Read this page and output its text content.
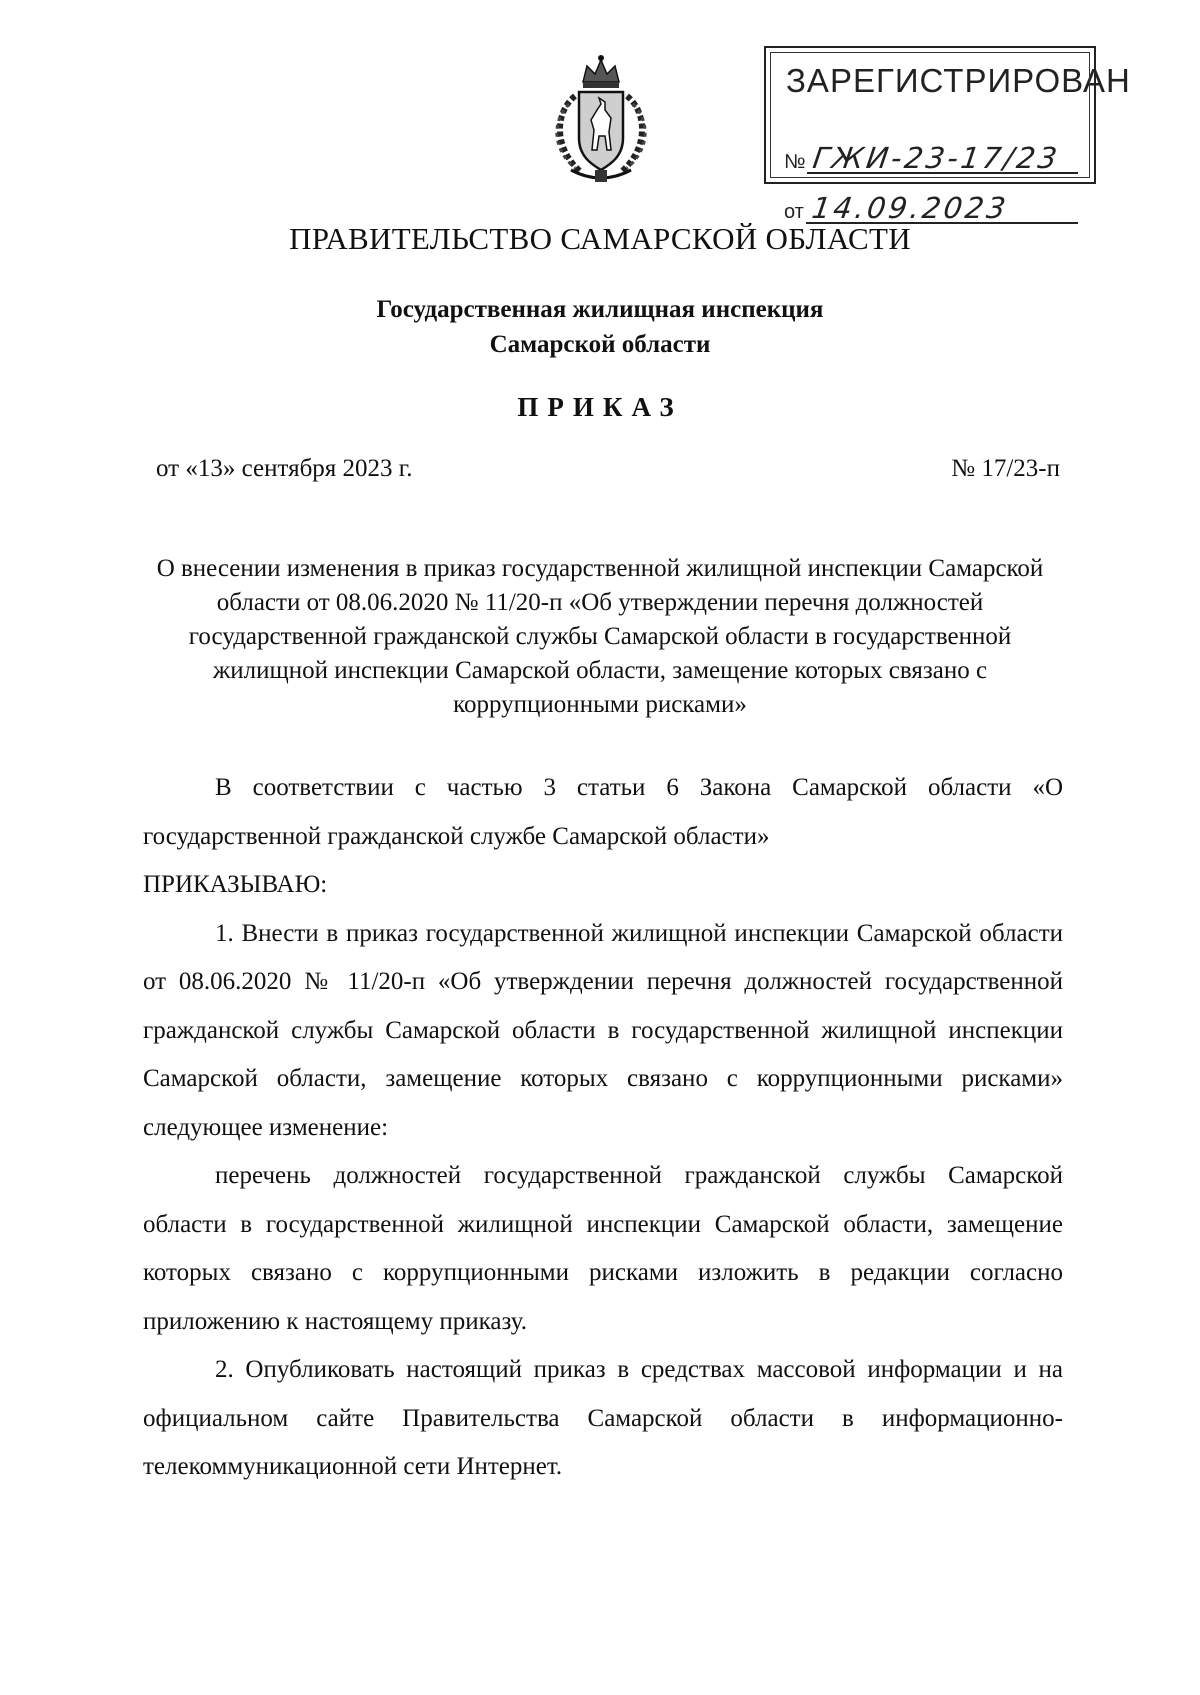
ЗАРЕГИСТРИРОВАН
№ ГЖИ-23-17/23
от 14.09.2023
ПРАВИТЕЛЬСТВО САМАРСКОЙ ОБЛАСТИ
Государственная жилищная инспекция
Самарской области
ПРИКАЗ
от «13» сентября 2023 г.	№ 17/23-п
О внесении изменения в приказ государственной жилищной инспекции Самарской области от 08.06.2020 № 11/20-п «Об утверждении перечня должностей государственной гражданской службы Самарской области в государственной жилищной инспекции Самарской области, замещение которых связано с коррупционными рисками»

В соответствии с частью 3 статьи 6 Закона Самарской области «О государственной гражданской службе Самарской области»

ПРИКАЗЫВАЮ:

1. Внести в приказ государственной жилищной инспекции Самарской области от 08.06.2020 № 11/20-п «Об утверждении перечня должностей государственной гражданской службы Самарской области в государственной жилищной инспекции Самарской области, замещение которых связано с коррупционными рисками» следующее изменение:

перечень должностей государственной гражданской службы Самарской области в государственной жилищной инспекции Самарской области, замещение которых связано с коррупционными рисками изложить в редакции согласно приложению к настоящему приказу.

2. Опубликовать настоящий приказ в средствах массовой информации и на официальном сайте Правительства Самарской области в информационно-телекоммуникационной сети Интернет.
